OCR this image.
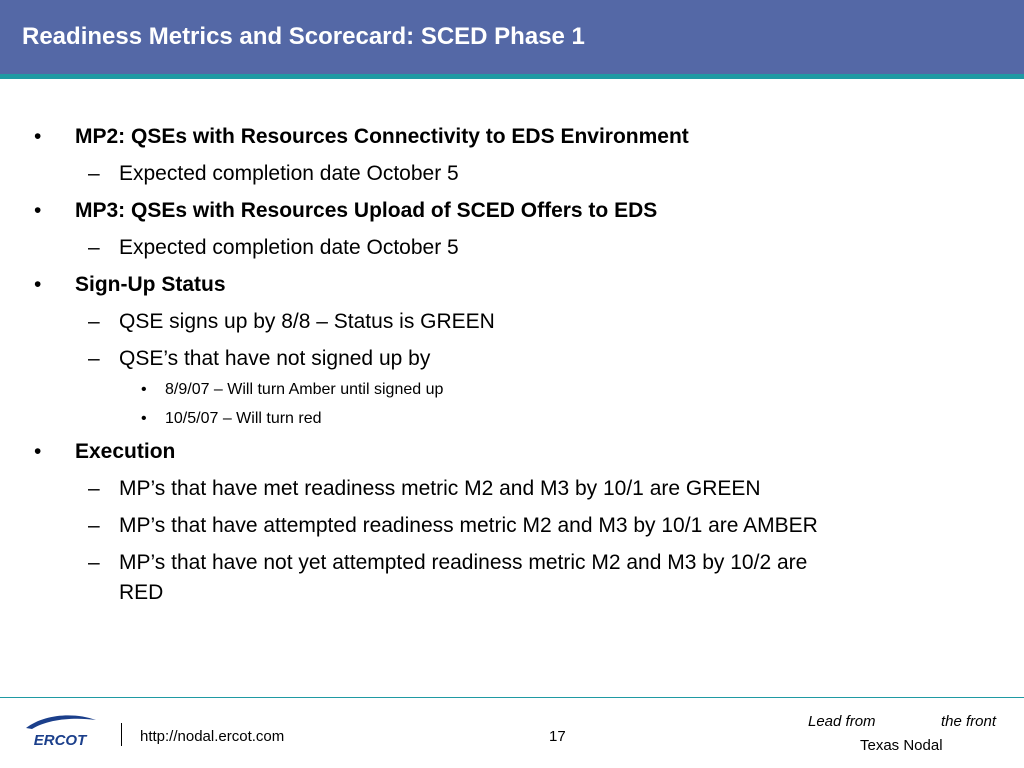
Readiness Metrics and Scorecard: SCED Phase 1
• MP2: QSEs with Resources Connectivity to EDS Environment
– Expected completion date October 5
• MP3: QSEs with Resources Upload of SCED Offers to EDS
– Expected completion date October 5
• Sign-Up Status
– QSE signs up by 8/8 – Status is GREEN
– QSE’s that have not signed up by
• 8/9/07 – Will turn Amber until signed up
• 10/5/07 – Will turn red
• Execution
– MP’s that have met readiness metric M2 and M3 by 10/1 are GREEN
– MP’s that have attempted readiness metric M2 and M3 by 10/1 are AMBER
– MP’s that have not yet attempted readiness metric M2 and M3 by 10/2 are
RED
ERCOT	http://nodal.ercot.com	17
Lead from	the front
Texas Nodal
